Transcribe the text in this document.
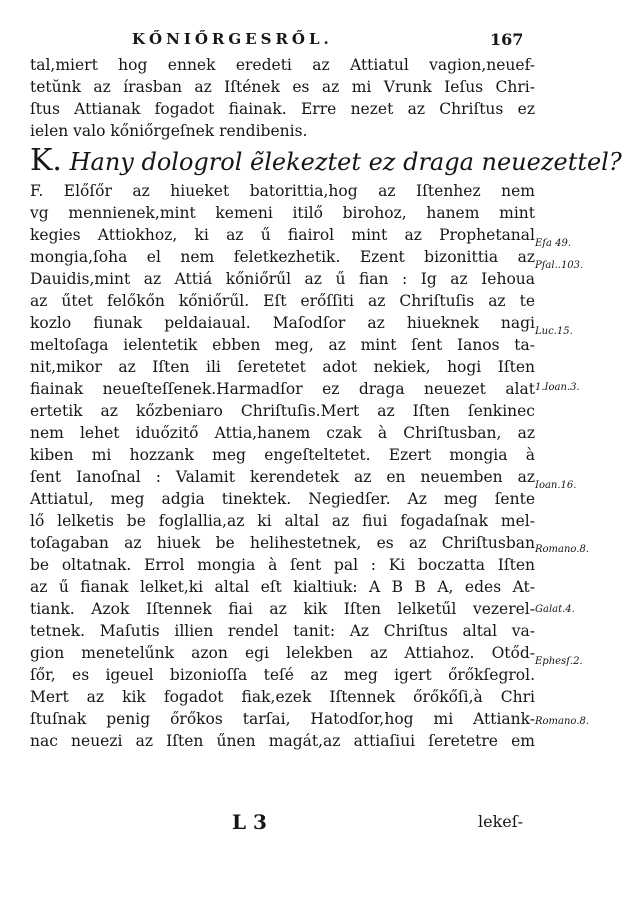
KŐNIŐRGESRŐL.	167
tal,miert hog ennek eredeti az Attiatul vagion,neuef-
tetŭnk az írasban az Iſtének es az mi Vrunk Ieſus Chri-
ſtus Attianak fogadot fiainak. Erre nezet az Chriſtus ez
ielen valo kőniőrgeſnek rendibenis.
K. Hany dologrol ẽlekeztet ez draga neuezettel?
F. Előſőr az hiueket batorittia,hog az Iſtenhez nem
vg mennienek,mint kemeni itilő birohoz, hanem mint
kegies Attiokhoz, ki az ű fiairol mint az Prophetanal
mongia,ſoha el nem feletkezhetik. Ezent bizonittia az
Dauidis,mint az Attiá kőniőrűl az ű fian : Ig az Iehoua
az űtet felőkőn kőniőrűl. Eſt erőſſiti az Chriſtuſis az te
kozlo fiunak peldaiaual. Maſodſor az hiueknek nagi
meltoſaga ielentetik ebben meg, az mint ſent Ianos ta-
nit,mikor az Iſten ili ſeretetet adot nekiek, hogi Iſten
fiainak neueſteſſenek.Harmadſor ez draga neuezet alat
ertetik az kőzbeniaro Chriſtuſis.Mert az Iſten ſenkinec
nem lehet iduőzitő Attia,hanem czak à Chriſtusban, az
kiben mi hozzank meg engeſteltetet. Ezert mongia à
ſent Ianoſnal : Valamit kerendetek az en neuemben az
Attiatul, meg adgia tinektek. Negiedſer. Az meg ſente
lő lelketis be foglallia,az ki altal az fiui fogadaſnak mel-
toſagaban az hiuek be helihestetnek, es az Chriſtusban
be oltatnak. Errol mongia à ſent pal : Ki boczatta Iſten
az ű fianak lelket,ki altal eſt kialtiuk: A B B A, edes At-
tiank. Azok Iſtennek fiai az kik Iſten lelketűl vezerel-
tetnek. Maſutis illien rendel tanit: Az Chriſtus altal va-
gion menetelűnk azon egi lelekben az Attiahoz. Otőd-
ſőr, es igeuel bizonioſſa teſé az meg igert őrőkſegrol.
Mert az kik fogadot fiak,ezek Iſtennek őrőkőſi,à Chri
ſtuſnak penig őrőkos tarſai, Hatodſor,hog mi Attiank-
nac neuezi az Iſten űnen magát,az attiaſiui ſeretetre em
Eſa 49.
Pſal..103.
Luc.15.
1.Ioan.3.
Ioan.16.
Romano.8.
Galat.4.
Ephesſ.2.
Romano.8.
L 3	lekeſ-
